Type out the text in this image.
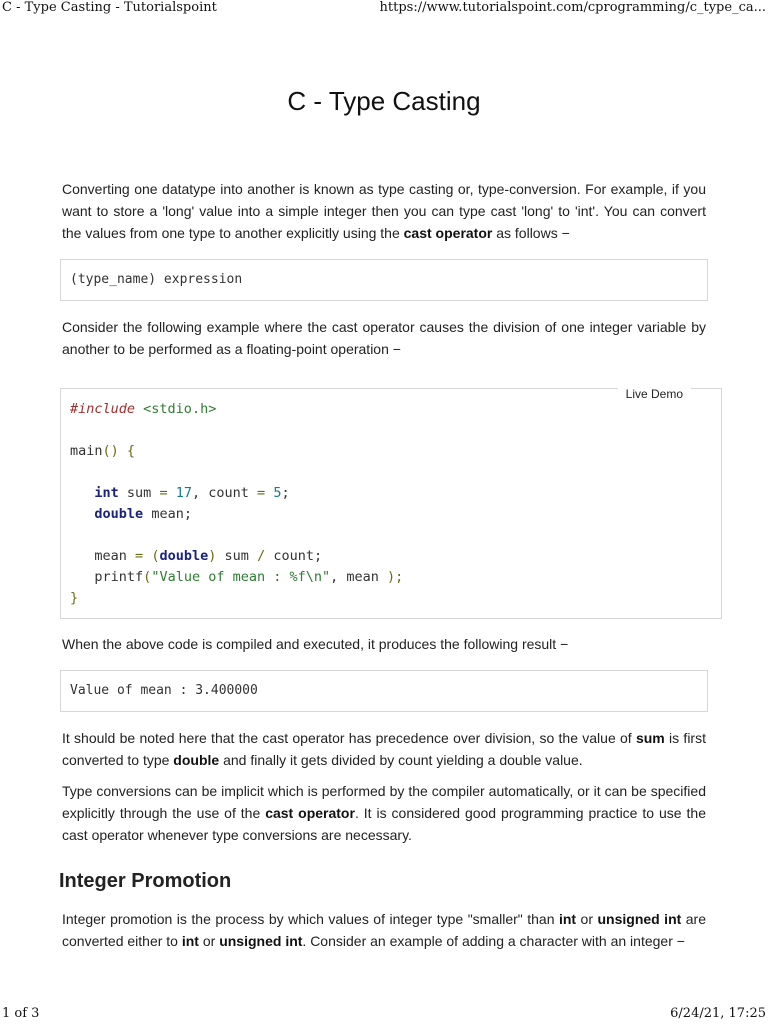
C - Type Casting - Tutorialspoint	https://www.tutorialspoint.com/cprogramming/c_type_ca...
C - Type Casting

Converting one datatype into another is known as type casting or, type-conversion. For example, if you want to store a 'long' value into a simple integer then you can type cast 'long' to 'int'. You can convert the values from one type to another explicitly using the cast operator as follows −

(type_name) expression

Consider the following example where the cast operator causes the division of one integer variable by another to be performed as a floating-point operation −

Live Demo
#include <stdio.h>

main() {

int sum = 17, count = 5;
double mean;

mean = (double) sum / count;
printf("Value of mean : %f\n", mean );
}

When the above code is compiled and executed, it produces the following result −

Value of mean : 3.400000

It should be noted here that the cast operator has precedence over division, so the value of sum is first converted to type double and finally it gets divided by count yielding a double value.

Type conversions can be implicit which is performed by the compiler automatically, or it can be specified explicitly through the use of the cast operator. It is considered good programming practice to use the cast operator whenever type conversions are necessary.

Integer Promotion

Integer promotion is the process by which values of integer type "smaller" than int or unsigned int are converted either to int or unsigned int. Consider an example of adding a character with an integer −

1 of 3	6/24/21, 17:25
